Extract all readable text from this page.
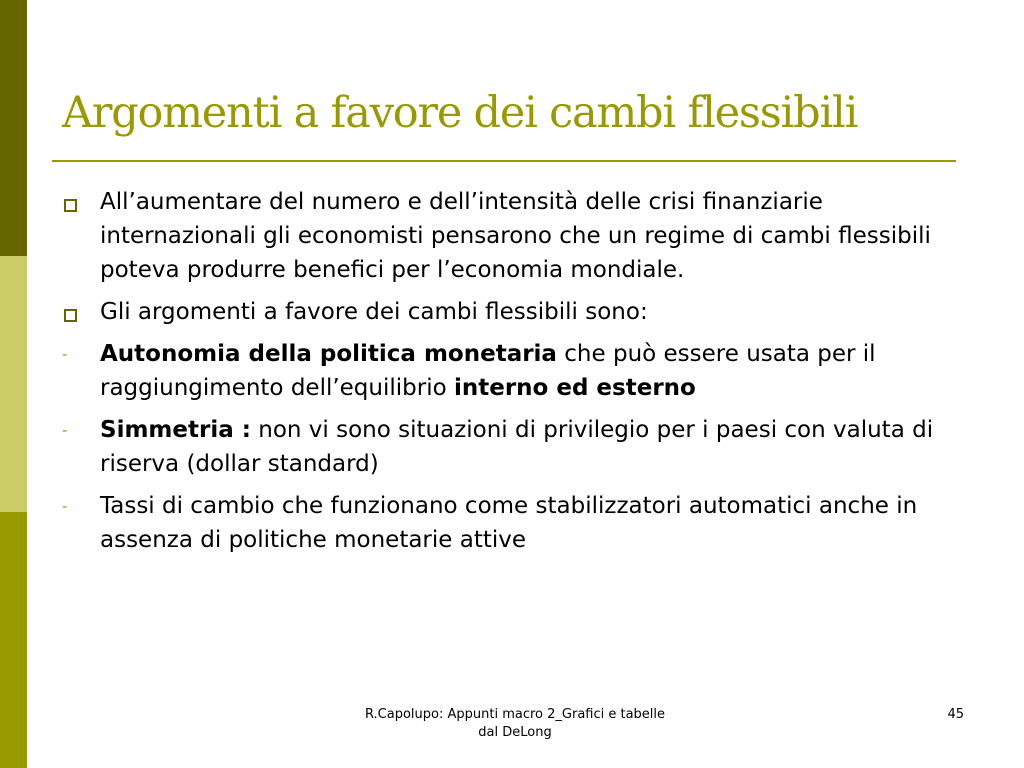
Argomenti a favore dei cambi flessibili
All’aumentare del numero e dell’intensità delle crisi finanziarie internazionali gli economisti pensarono che un regime di cambi flessibili poteva produrre benefici per l’economia mondiale.
Gli argomenti a favore dei cambi flessibili sono:
- Autonomia della politica monetaria che può essere usata per il raggiungimento dell’equilibrio interno ed esterno
- Simmetria : non vi sono situazioni di privilegio per i paesi con valuta di riserva (dollar standard)
- Tassi di cambio che funzionano come stabilizzatori automatici anche in assenza di politiche monetarie attive
R.Capolupo: Appunti macro 2_Grafici e tabelle dal DeLong
45
